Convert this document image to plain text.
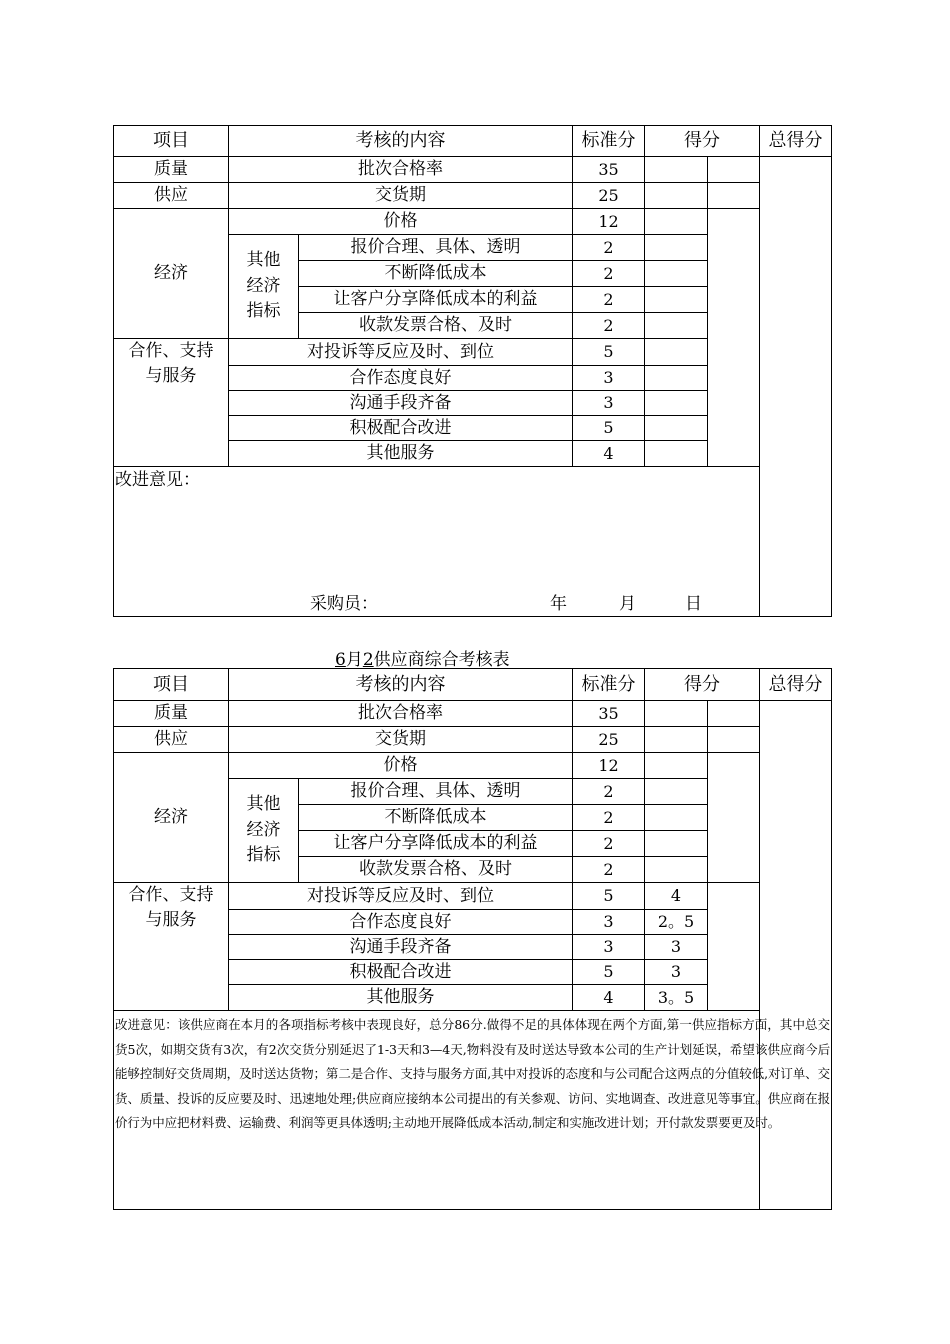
项目	考核的内容		标准分	得分		总得分
质量	批次合格率		35			
供应	交货期		25			
经济	价格		12			
	其他经济指标	报价合理、具体、透明	2			
		不断降低成本	2			
		让客户分享降低成本的利益	2			
		收款发票合格、及时	2			
合作、支持与服务	对投诉等反应及时、到位		5			
	合作态度良好		3			
	沟通手段齐备		3			
	积极配合改进		5			
	其他服务		4			

改进意见：
采购员： 年 月 日						
6月2供应商综合考核表
项目	考核的内容		标准分	得分		总得分
质量	批次合格率		35			
供应	交货期		25			
经济	价格		12			
	其他经济指标	报价合理、具体、透明	2			
		不断降低成本	2			
		让客户分享降低成本的利益	2			
		收款发票合格、及时	2			
合作、支持与服务	对投诉等反应及时、到位		5	4		
	合作态度良好		3	2。5		
	沟通手段齐备		3	3		
	积极配合改进		5	3		
	其他服务		4	3。5		

改进意见：该供应商在本月的各项指标考核中表现良好，总分86分.做得不足的具体体现在两个方面,第一供应指标方面，其中总交货5次，如期交货有3次，有2次交货分别延迟了1-3天和3—4天,物料没有及时送达导致本公司的生产计划延误，希望该供应商今后能够控制好交货周期，及时送达货物；第二是合作、支持与服务方面,其中对投诉的态度和与公司配合这两点的分值较低,对订单、交货、质量、投诉的反应要及时、迅速地处理;供应商应接纳本公司提出的有关参观、访问、实地调查、改进意见等事宜。供应商在报价行为中应把材料费、运输费、利润等更具体透明;主动地开展降低成本活动,制定和实施改进计划；开付款发票要更及时。						
